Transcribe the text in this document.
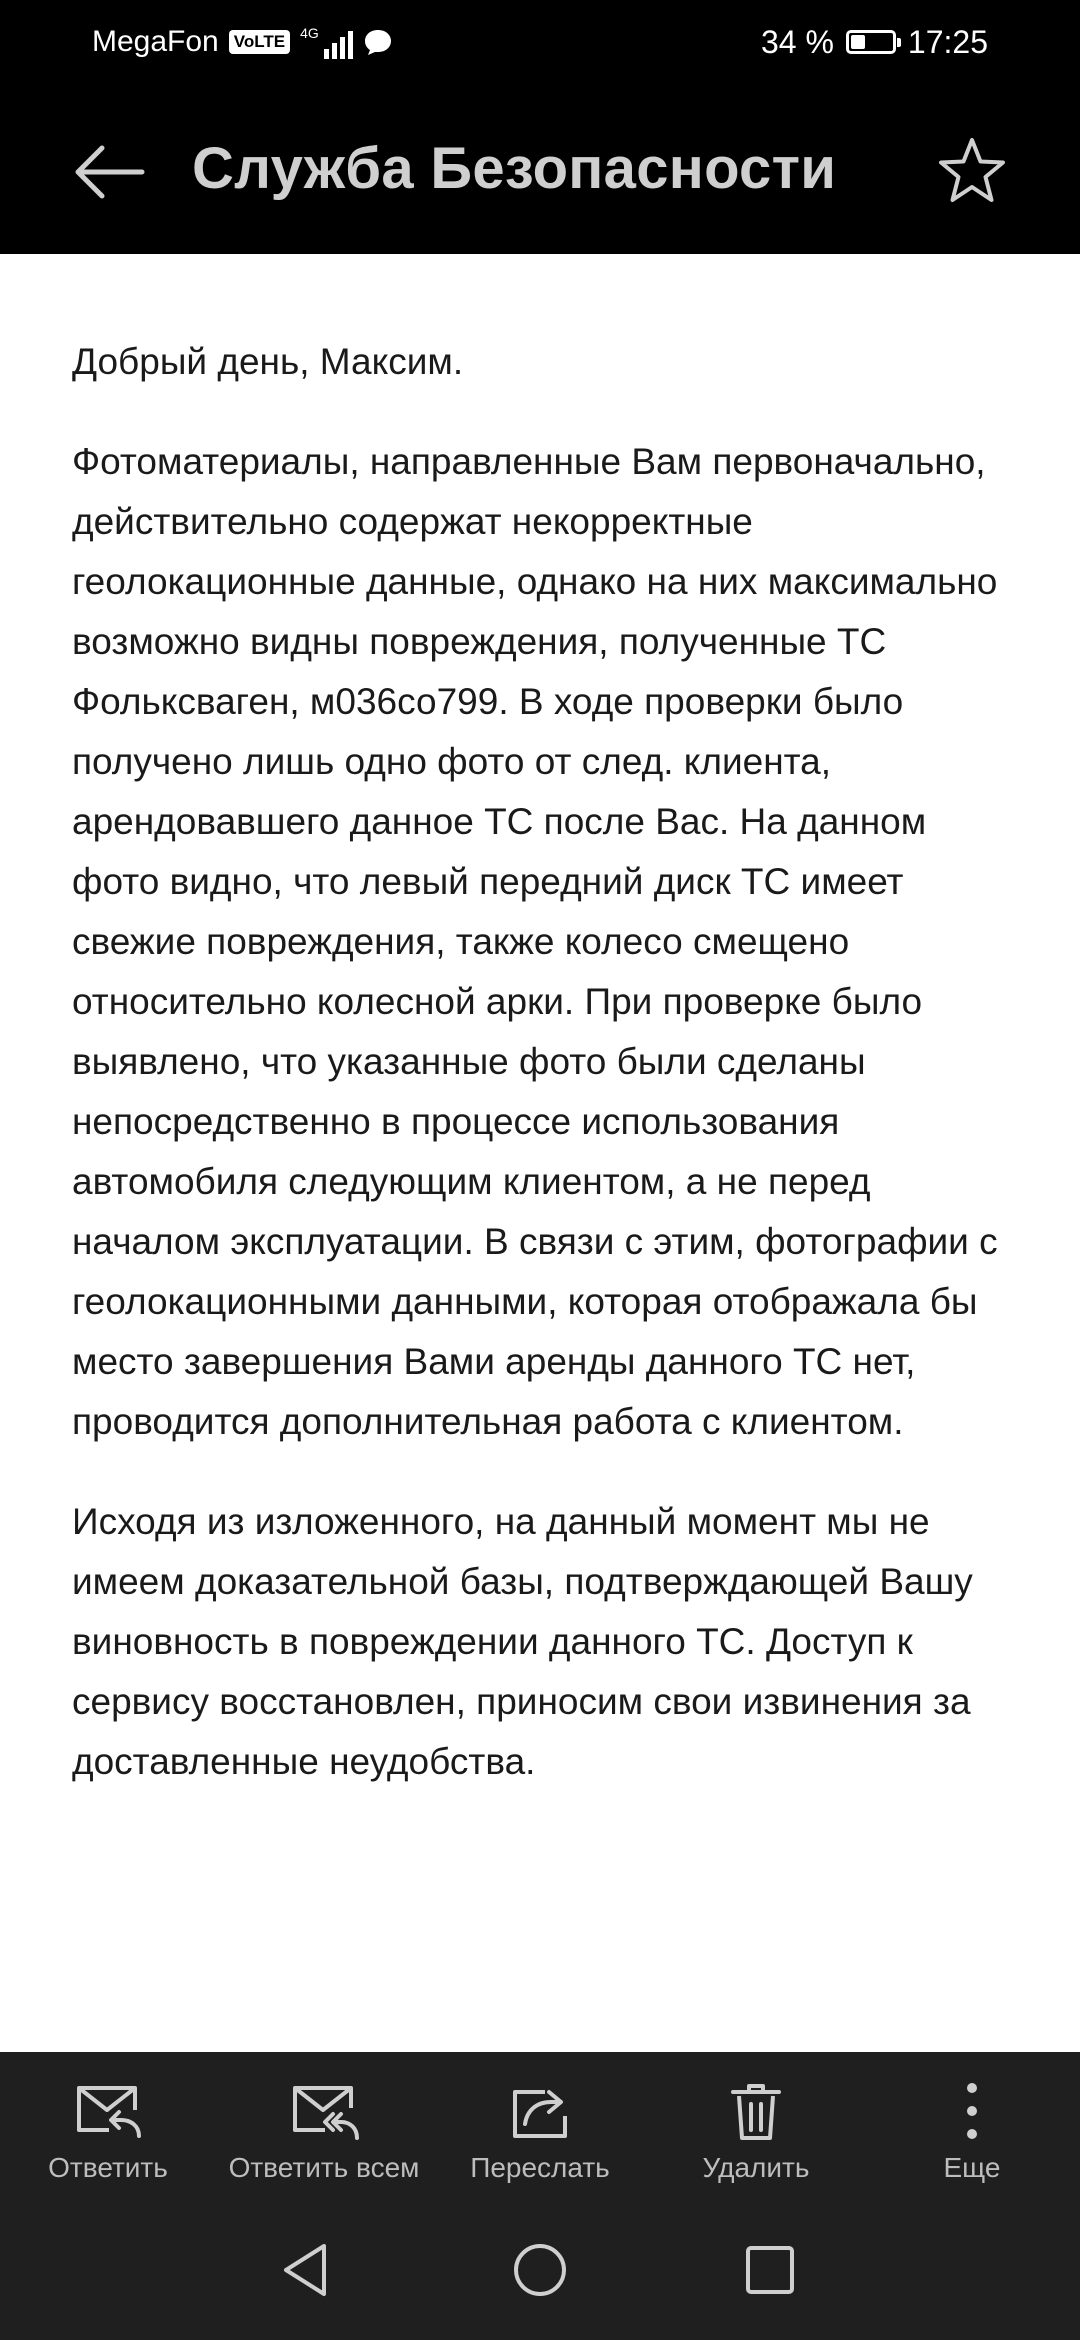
MegaFon VoLTE	4G	34 % 17:25
Служба Безопасности

Добрый день, Максим.

Фотоматериалы, направленные Вам первоначально, действительно содержат некорректные геолокационные данные, однако на них максимально возможно видны повреждения, полученные ТС Фольксваген, м036со799. В ходе проверки было получено лишь одно фото от след. клиента, арендовавшего данное ТС после Вас. На данном фото видно, что левый передний диск ТС имеет свежие повреждения, также колесо смещено относительно колесной арки. При проверке было выявлено, что указанные фото были сделаны непосредственно в процессе использования автомобиля следующим клиентом, а не перед началом эксплуатации. В связи с этим, фотографии с геолокационными данными, которая отображала бы место завершения Вами аренды данного ТС нет, проводится дополнительная работа с клиентом.

Исходя из изложенного, на данный момент мы не имеем доказательной базы, подтверждающей Вашу виновность в повреждении данного ТС. Доступ к сервису восстановлен, приносим свои извинения за доставленные неудобства.

Ответить Ответить всем Переслать	Удалить	Еще
